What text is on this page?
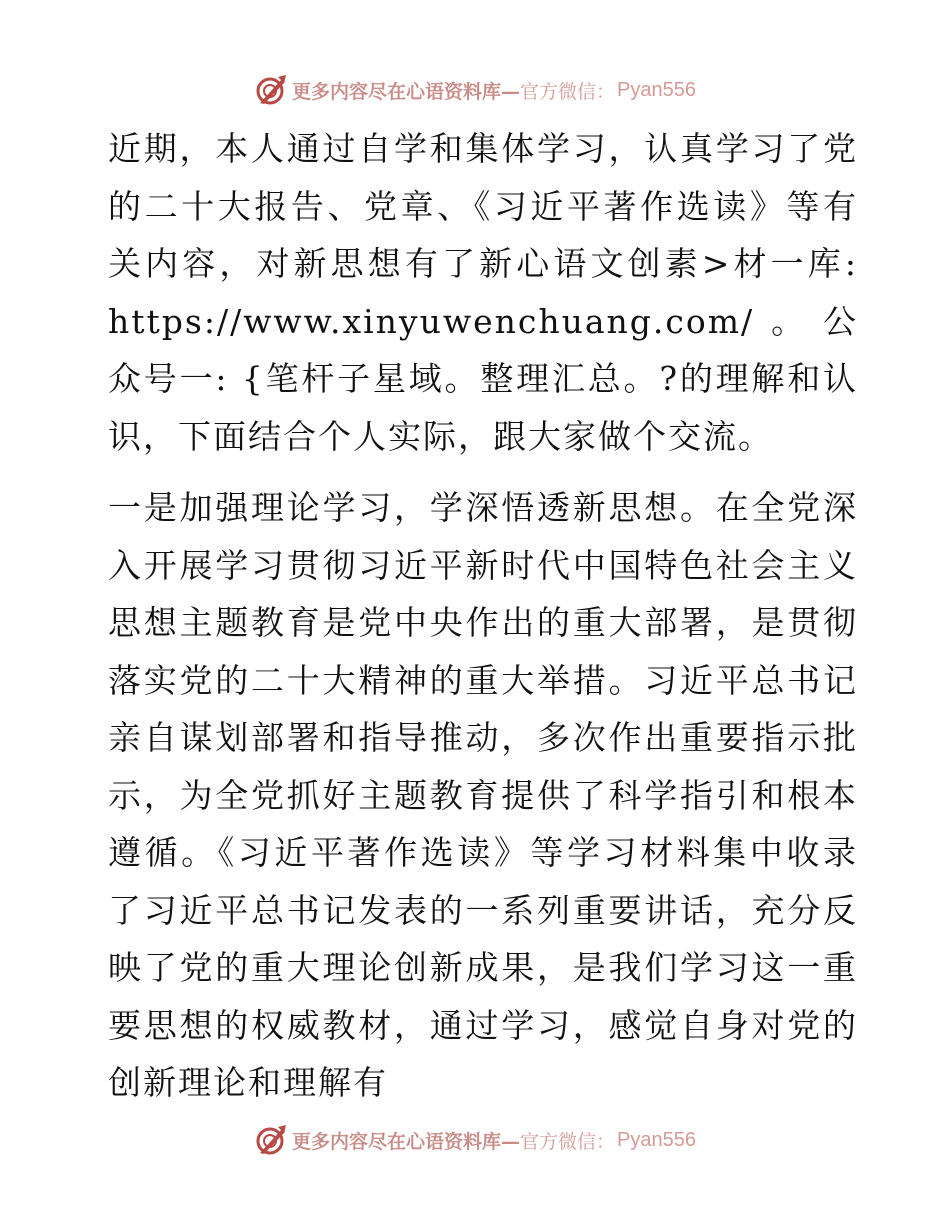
更多内容尽在心语资料库— 官方微信： Pyan556

近期，本人通过自学和集体学习，认真学习了党的二十大报告、党章、《习近平著作选读》等有关内容，对新思想有了新心语文创素>材一库: https://www.xinyuwenchuang.com/。公众号一: {笔杆子星域。整理汇总。?的理解和认识，下面结合个人实际，跟大家做个交流。

一是加强理论学习，学深悟透新思想。在全党深入开展学习贯彻习近平新时代中国特色社会主义思想主题教育是党中央作出的重大部署，是贯彻落实党的二十大精神的重大举措。习近平总书记亲自谋划部署和指导推动，多次作出重要指示批示，为全党抓好主题教育提供了科学指引和根本遵循。《习近平著作选读》等学习材料集中收录了习近平总书记发表的一系列重要讲话，充分反映了党的重大理论创新成果，是我们学习这一重要思想的权威教材，通过学习，感觉自身对党的创新理论和理解有

更多内容尽在心语资料库— 官方微信： Pyan556
